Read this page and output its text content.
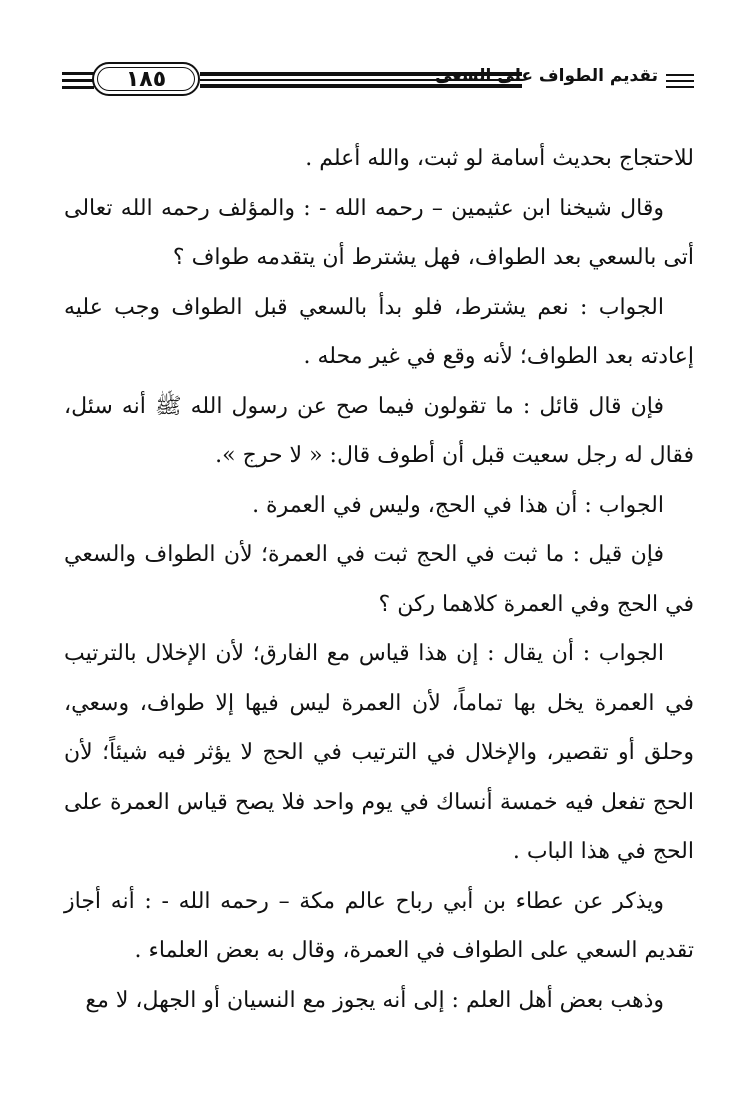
١٨٥	تقديم الطواف على السعي

للاحتجاج بحديث أسامة لو ثبت، والله أعلم .

وقال شيخنا ابن عثيمين – رحمه الله - : والمؤلف رحمه الله تعالى أتى بالسعي بعد الطواف، فهل يشترط أن يتقدمه طواف ؟

الجواب : نعم يشترط، فلو بدأ بالسعي قبل الطواف وجب عليه إعادته بعد الطواف؛ لأنه وقع في غير محله .

فإن قال قائل : ما تقولون فيما صح عن رسول الله ﷺ أنه سئل، فقال له رجل سعيت قبل أن أطوف قال: « لا حرج ».

الجواب : أن هذا في الحج، وليس في العمرة .

فإن قيل : ما ثبت في الحج ثبت في العمرة؛ لأن الطواف والسعي في الحج وفي العمرة كلاهما ركن ؟

الجواب : أن يقال : إن هذا قياس مع الفارق؛ لأن الإخلال بالترتيب في العمرة يخل بها تماماً، لأن العمرة ليس فيها إلا طواف، وسعي، وحلق أو تقصير، والإخلال في الترتيب في الحج لا يؤثر فيه شيئاً؛ لأن الحج تفعل فيه خمسة أنساك في يوم واحد فلا يصح قياس العمرة على الحج في هذا الباب .

ويذكر عن عطاء بن أبي رباح عالم مكة – رحمه الله - : أنه أجاز تقديم السعي على الطواف في العمرة، وقال به بعض العلماء .

وذهب بعض أهل العلم : إلى أنه يجوز مع النسيان أو الجهل، لا مع
